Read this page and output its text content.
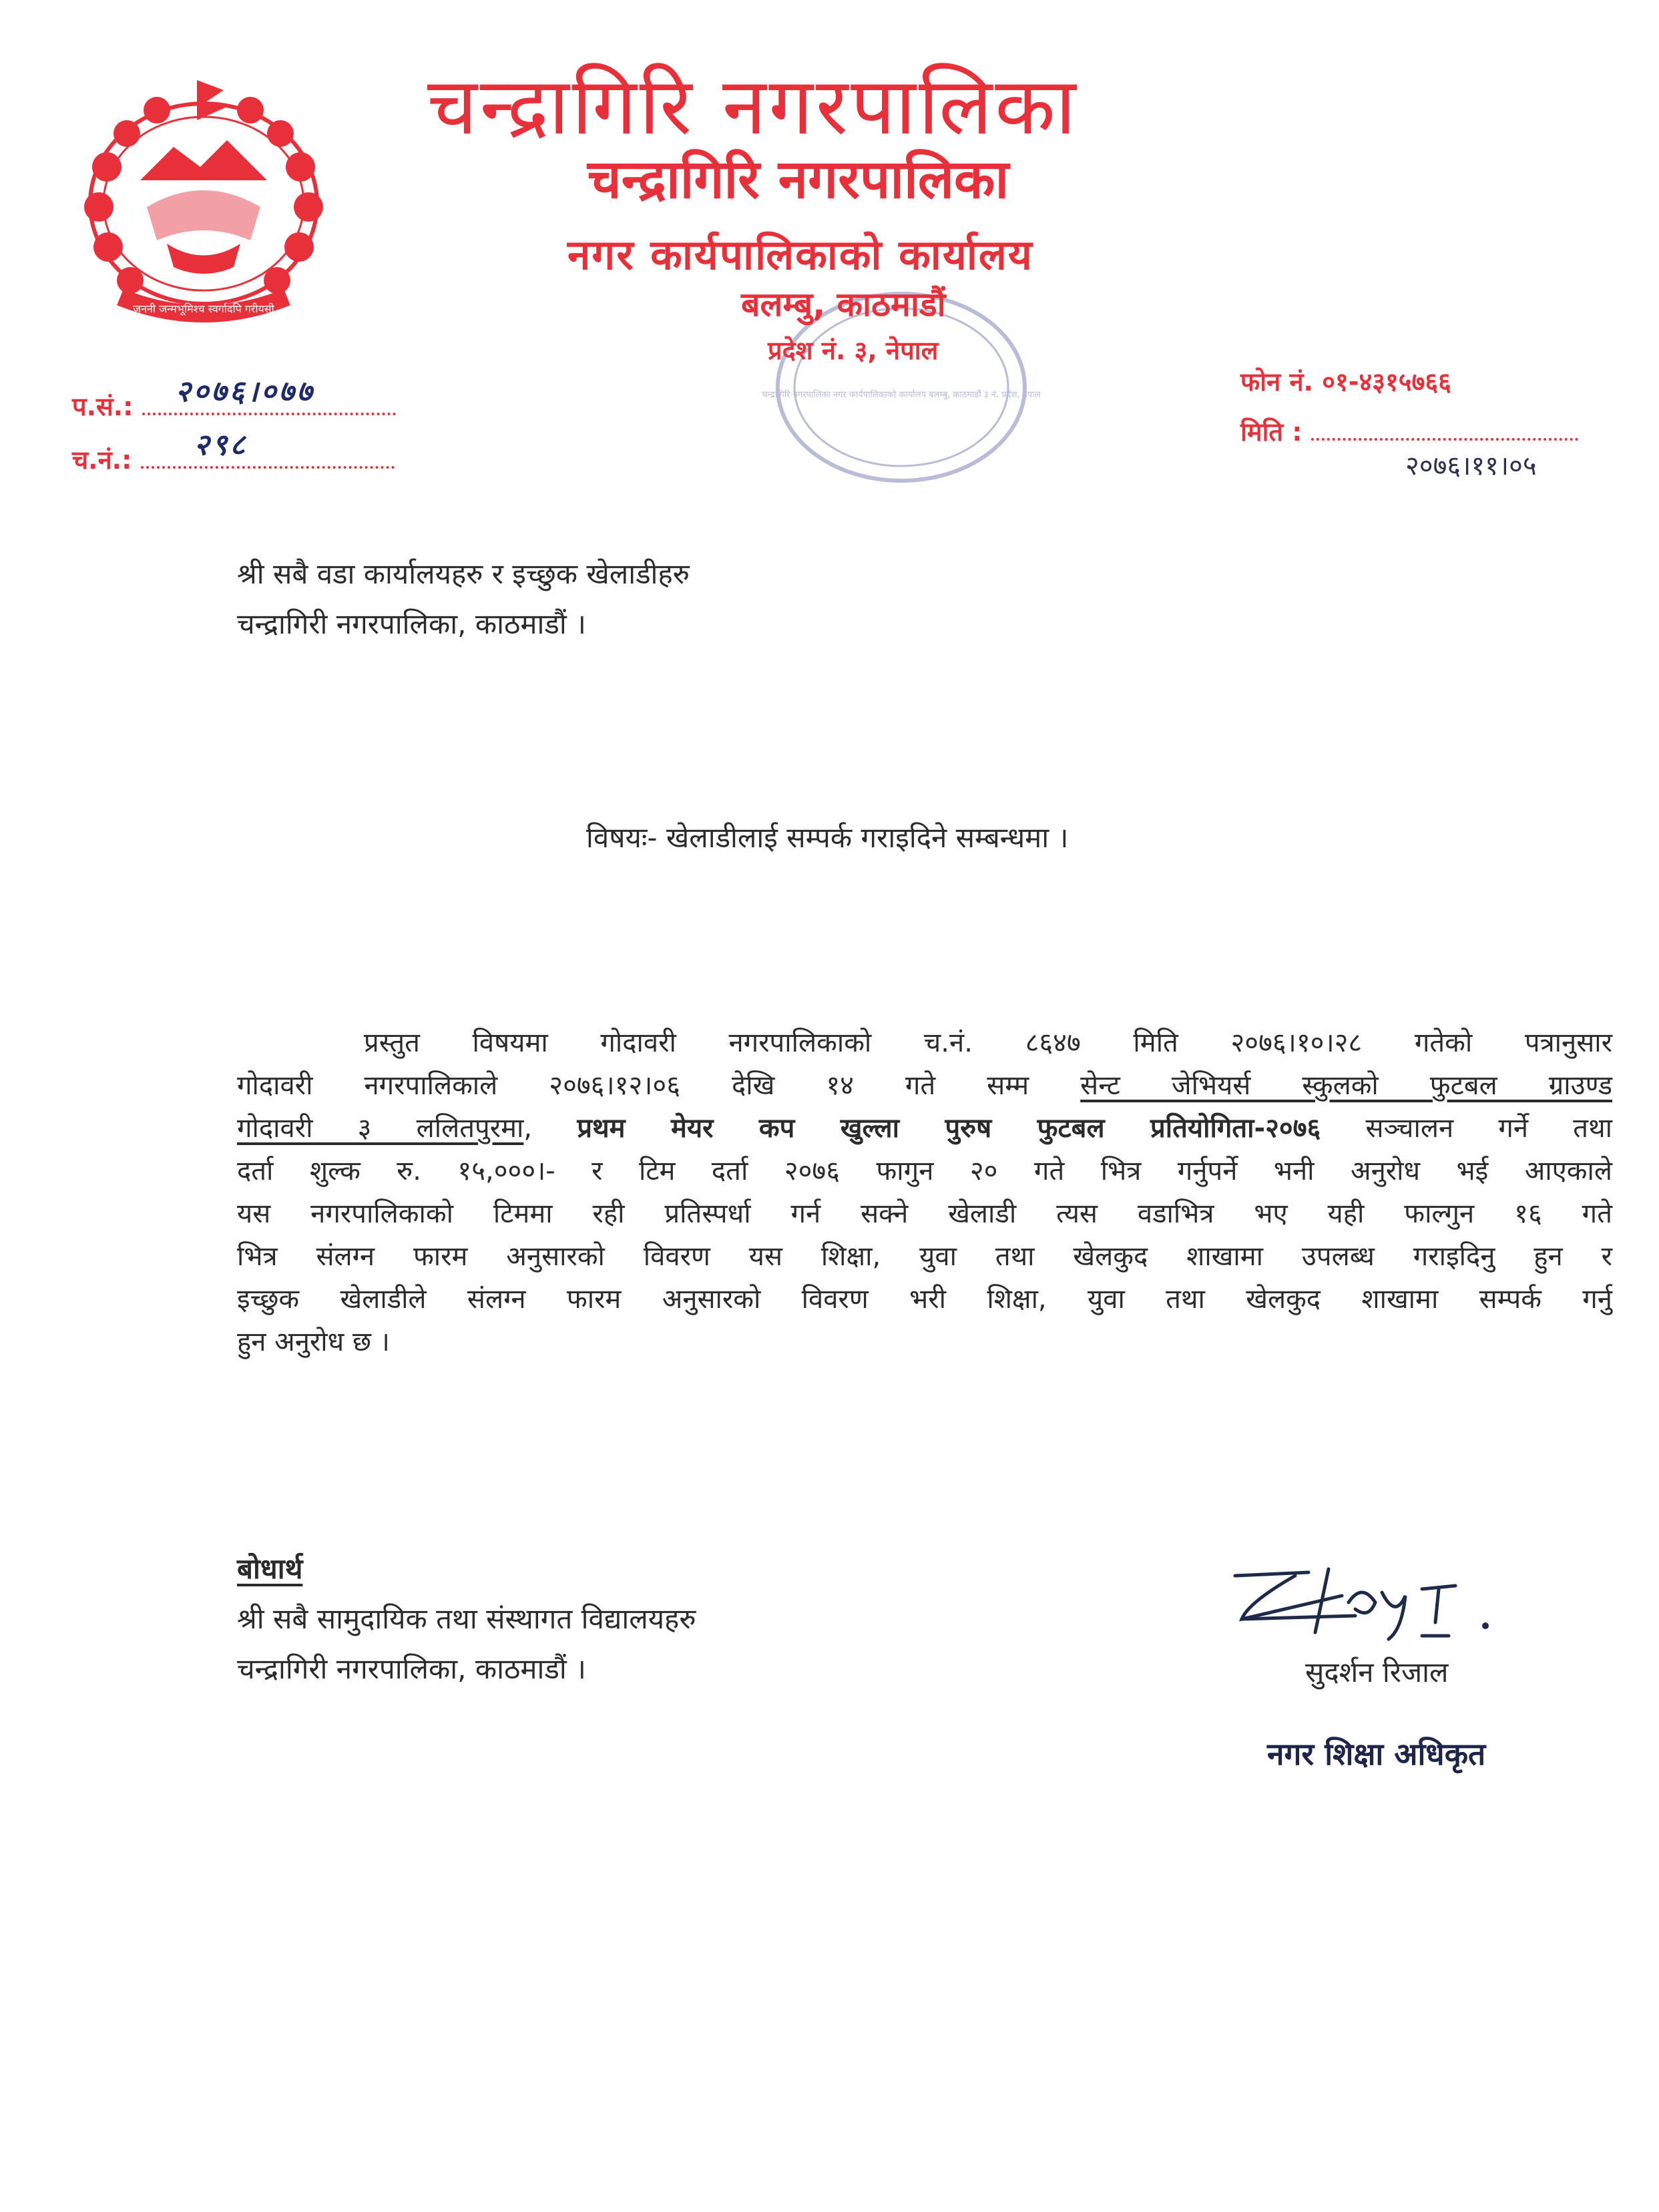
जननी जन्मभूमिश्च स्वर्गादपि गरीयसी
चन्द्रागिरि नगरपालिका
चन्द्रागिरि नगरपालिका
नगर कार्यपालिकाको कार्यालय
चन्द्रागिरि नगरपालिका नगर कार्यपालिकाको कार्यालय बलम्बु, काठमाडौं ३ नं. प्रदेश, नेपाल
बलम्बु, काठमाडौं
प्रदेश नं. ३, नेपाल
प.सं.: २०७६।०७७
च.नं.: २९८
फोन नं. ०१-४३१५७६६
मिति :
२०७६।११।०५
श्री सबै वडा कार्यालयहरु र इच्छुक खेलाडीहरु
चन्द्रागिरी नगरपालिका, काठमाडौं ।
विषयः- खेलाडीलाई सम्पर्क गराइदिने सम्बन्धमा ।
प्रस्तुत विषयमा गोदावरी नगरपालिकाको च.नं. ८६४७ मिति २०७६।१०।२८ गतेको पत्रानुसार
गोदावरी नगरपालिकाले २०७६।१२।०६ देखि १४ गते सम्म सेन्ट जेभियर्स स्कुलको फुटबल ग्राउण्ड
गोदावरी ३ ललितपुरमा, प्रथम मेयर कप खुल्ला पुरुष फुटबल प्रतियोगिता-२०७६ सञ्चालन गर्ने तथा
दर्ता शुल्क रु. १५,०००।- र टिम दर्ता २०७६ फागुन २० गते भित्र गर्नुपर्ने भनी अनुरोध भई आएकाले
यस नगरपालिकाको टिममा रही प्रतिस्पर्धा गर्न सक्ने खेलाडी त्यस वडाभित्र भए यही फाल्गुन १६ गते
भित्र संलग्न फारम अनुसारको विवरण यस शिक्षा, युवा तथा खेलकुद शाखामा उपलब्ध गराइदिनु हुन र
इच्छुक खेलाडीले संलग्न फारम अनुसारको विवरण भरी शिक्षा, युवा तथा खेलकुद शाखामा सम्पर्क गर्नु
हुन अनुरोध छ ।
बोधार्थ
श्री सबै सामुदायिक तथा संस्थागत विद्यालयहरु
चन्द्रागिरी नगरपालिका, काठमाडौं ।	सुदर्शन रिजाल
नगर शिक्षा अधिकृत
